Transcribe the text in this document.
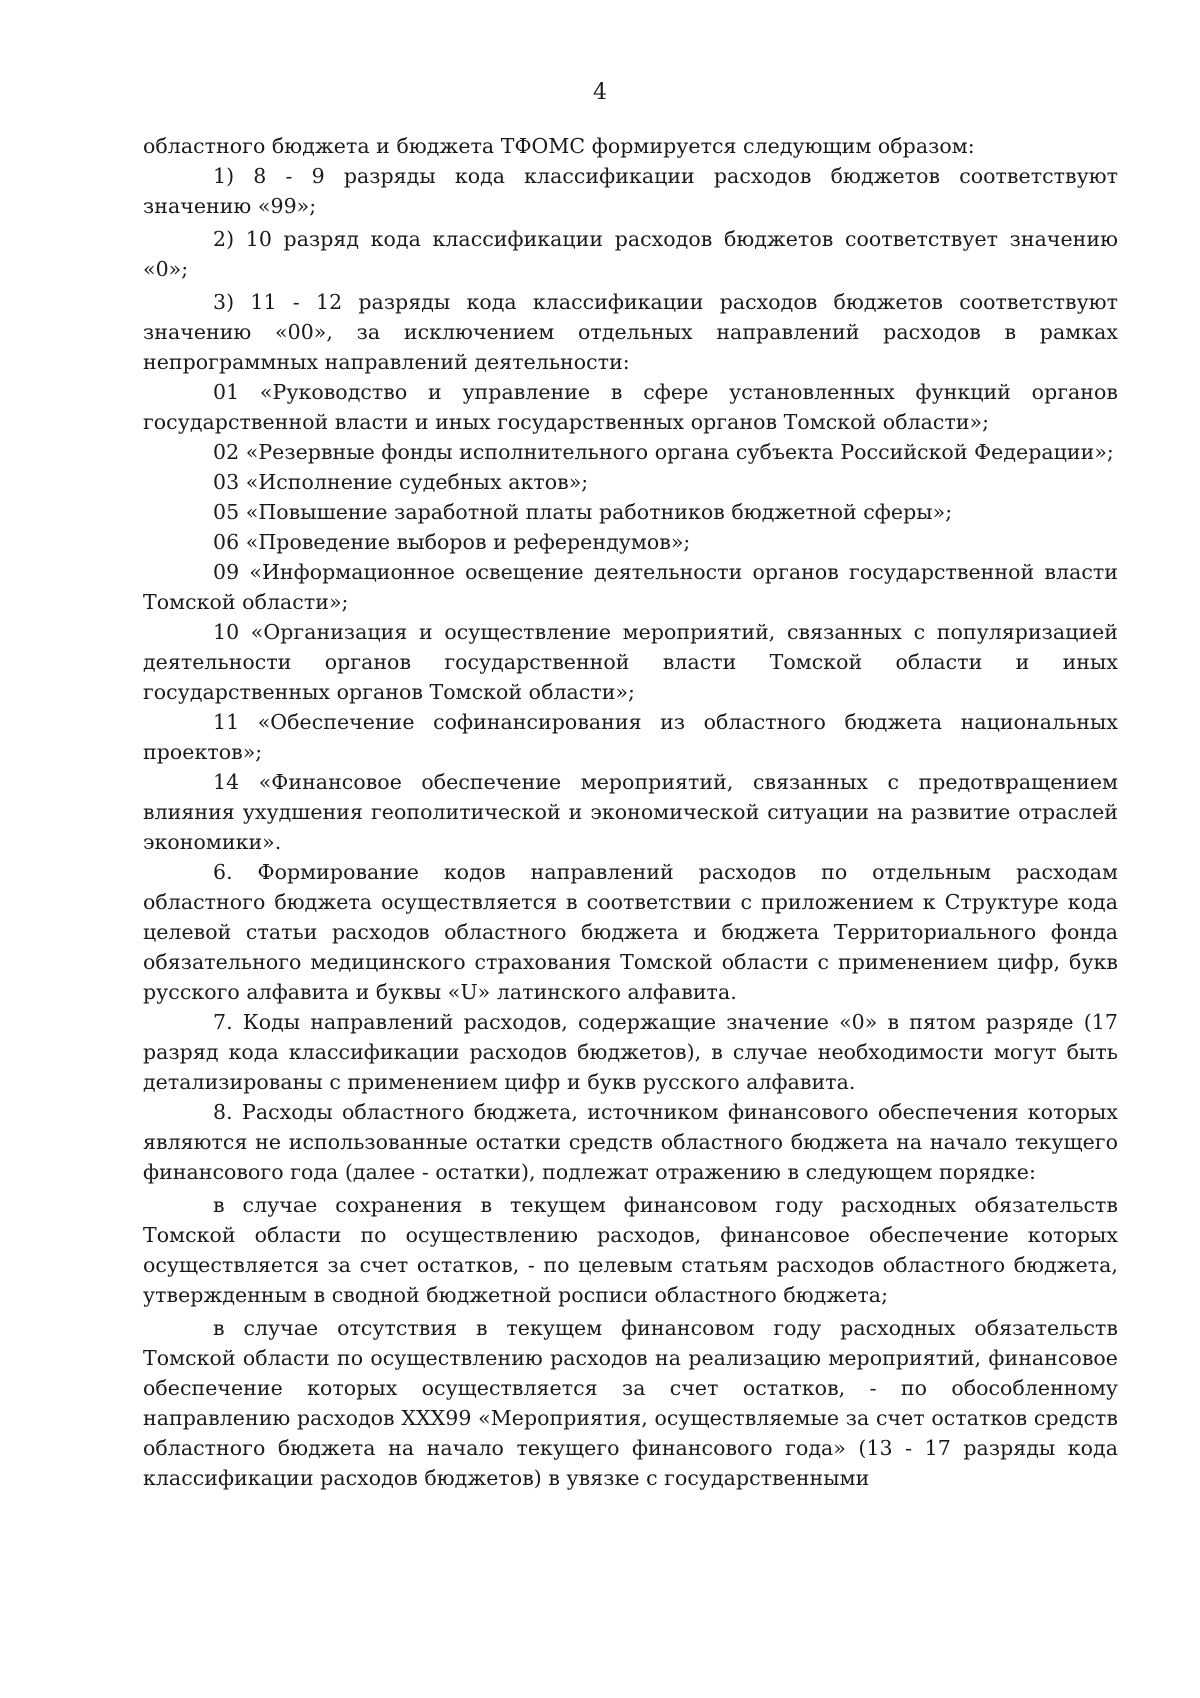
4

областного бюджета и бюджета ТФОМС формируется следующим образом:

1) 8 - 9 разряды кода классификации расходов бюджетов соответствуют значению «99»;

2) 10 разряд кода классификации расходов бюджетов соответствует значению «0»;

3) 11 - 12 разряды кода классификации расходов бюджетов соответствуют значению «00», за исключением отдельных направлений расходов в рамках непрограммных направлений деятельности:

01 «Руководство и управление в сфере установленных функций органов государственной власти и иных государственных органов Томской области»;

02 «Резервные фонды исполнительного органа субъекта Российской Федерации»;

03 «Исполнение судебных актов»;

05 «Повышение заработной платы работников бюджетной сферы»;

06 «Проведение выборов и референдумов»;

09 «Информационное освещение деятельности органов государственной власти Томской области»;

10 «Организация и осуществление мероприятий, связанных с популяризацией деятельности органов государственной власти Томской области и иных государственных органов Томской области»;

11 «Обеспечение софинансирования из областного бюджета национальных проектов»;

14 «Финансовое обеспечение мероприятий, связанных с предотвращением влияния ухудшения геополитической и экономической ситуации на развитие отраслей экономики».

6. Формирование кодов направлений расходов по отдельным расходам областного бюджета осуществляется в соответствии с приложением к Структуре кода целевой статьи расходов областного бюджета и бюджета Территориального фонда обязательного медицинского страхования Томской области с применением цифр, букв русского алфавита и буквы «U» латинского алфавита.

7. Коды направлений расходов, содержащие значение «0» в пятом разряде (17 разряд кода классификации расходов бюджетов), в случае необходимости могут быть детализированы с применением цифр и букв русского алфавита.

8. Расходы областного бюджета, источником финансового обеспечения которых являются не использованные остатки средств областного бюджета на начало текущего финансового года (далее - остатки), подлежат отражению в следующем порядке:

в случае сохранения в текущем финансовом году расходных обязательств Томской области по осуществлению расходов, финансовое обеспечение которых осуществляется за счет остатков, - по целевым статьям расходов областного бюджета, утвержденным в сводной бюджетной росписи областного бюджета;

в случае отсутствия в текущем финансовом году расходных обязательств Томской области по осуществлению расходов на реализацию мероприятий, финансовое обеспечение которых осуществляется за счет остатков, - по обособленному направлению расходов XXX99 «Мероприятия, осуществляемые за счет остатков средств областного бюджета на начало текущего финансового года» (13 - 17 разряды кода классификации расходов бюджетов) в увязке с государственными
